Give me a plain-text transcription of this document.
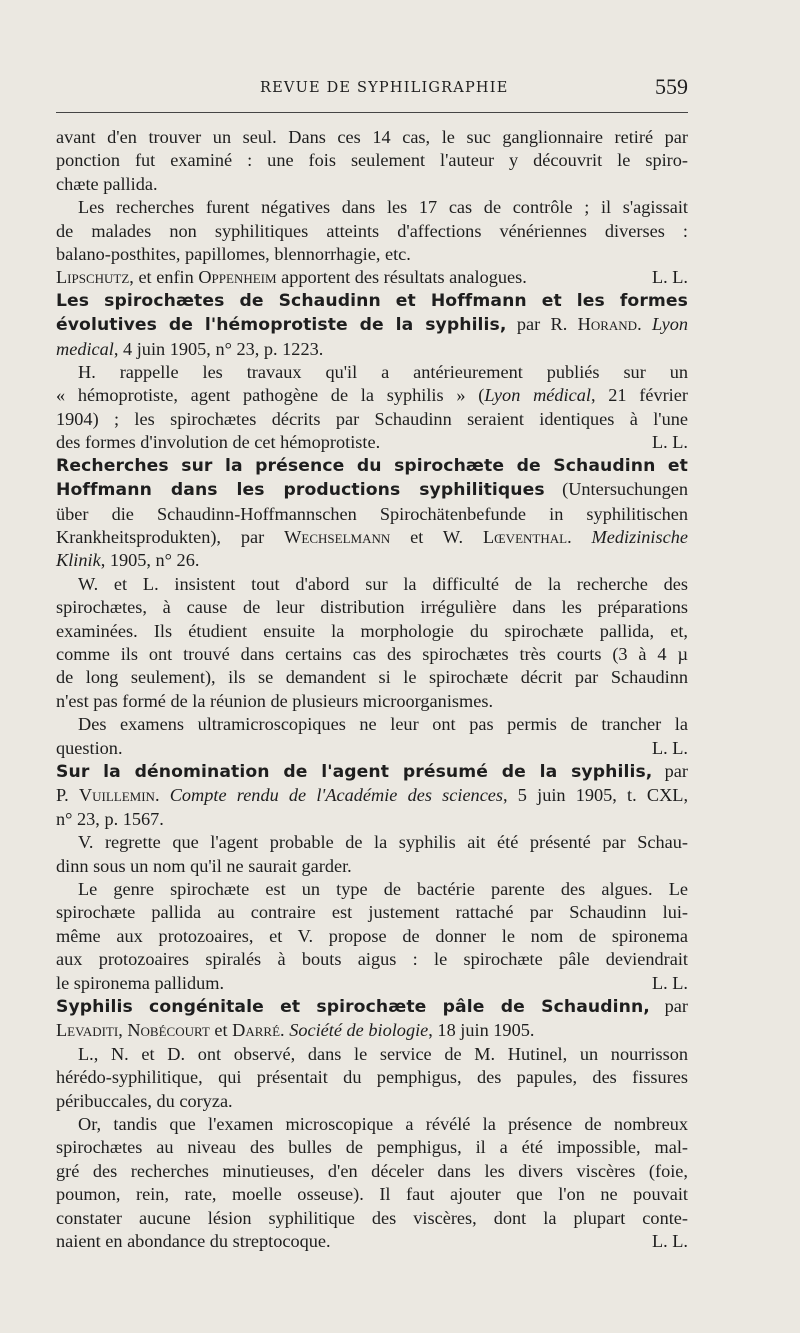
REVUE DE SYPHILIGRAPHIE	559
avant d'en trouver un seul. Dans ces 14 cas, le suc ganglionnaire retiré par
ponction fut examiné : une fois seulement l'auteur y découvrit le spiro-
chæte pallida.
Les recherches furent négatives dans les 17 cas de contrôle ; il s'agissait
de malades non syphilitiques atteints d'affections vénériennes diverses :
balano-posthites, papillomes, blennorrhagie, etc.
Lipschutz, et enfin Oppenheim apportent des résultats analogues.	L. L.
Les spirochætes de Schaudinn et Hoffmann et les formes
évolutives de l'hémoprotiste de la syphilis, par R. Horand. Lyon
medical, 4 juin 1905, n° 23, p. 1223.
H. rappelle les travaux qu'il a antérieurement publiés sur un
« hémoprotiste, agent pathogène de la syphilis » (Lyon médical, 21 février
1904) ; les spirochætes décrits par Schaudinn seraient identiques à l'une
des formes d'involution de cet hémoprotiste.	L. L.
Recherches sur la présence du spirochæte de Schaudinn et
Hoffmann dans les productions syphilitiques (Untersuchungen
über die Schaudinn-Hoffmannschen Spirochätenbefunde in syphilitischen
Krankheitsprodukten), par Wechselmann et W. Lœventhal. Medizinische
Klinik, 1905, n° 26.
W. et L. insistent tout d'abord sur la difficulté de la recherche des
spirochætes, à cause de leur distribution irrégulière dans les préparations
examinées. Ils étudient ensuite la morphologie du spirochæte pallida, et,
comme ils ont trouvé dans certains cas des spirochætes très courts (3 à 4 µ
de long seulement), ils se demandent si le spirochæte décrit par Schaudinn
n'est pas formé de la réunion de plusieurs microorganismes.
Des examens ultramicroscopiques ne leur ont pas permis de trancher la
question.	L. L.
Sur la dénomination de l'agent présumé de la syphilis, par
P. Vuillemin. Compte rendu de l'Académie des sciences, 5 juin 1905, t. CXL,
n° 23, p. 1567.
V. regrette que l'agent probable de la syphilis ait été présenté par Schau-
dinn sous un nom qu'il ne saurait garder.
Le genre spirochæte est un type de bactérie parente des algues. Le
spirochæte pallida au contraire est justement rattaché par Schaudinn lui-
même aux protozoaires, et V. propose de donner le nom de spironema
aux protozoaires spiralés à bouts aigus : le spirochæte pâle deviendrait
le spironema pallidum.	L. L.
Syphilis congénitale et spirochæte pâle de Schaudinn, par
Levaditi, Nobécourt et Darré. Société de biologie, 18 juin 1905.
L., N. et D. ont observé, dans le service de M. Hutinel, un nourrisson
hérédo-syphilitique, qui présentait du pemphigus, des papules, des fissures
péribuccales, du coryza.
Or, tandis que l'examen microscopique a révélé la présence de nombreux
spirochætes au niveau des bulles de pemphigus, il a été impossible, mal-
gré des recherches minutieuses, d'en déceler dans les divers viscères (foie,
poumon, rein, rate, moelle osseuse). Il faut ajouter que l'on ne pouvait
constater aucune lésion syphilitique des viscères, dont la plupart conte-
naient en abondance du streptocoque.	L. L.
